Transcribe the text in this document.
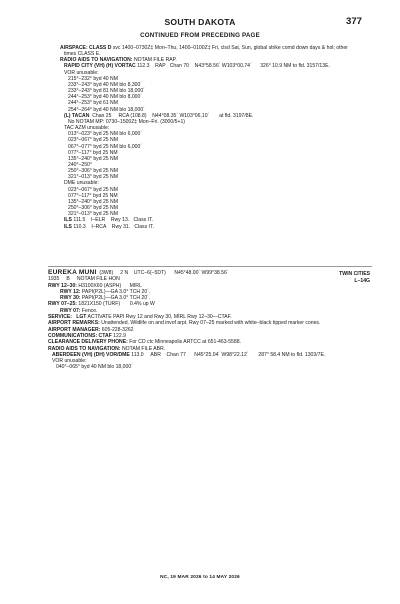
SOUTH DAKOTA	377
CONTINUED FROM PRECEDING PAGE
AIRSPACE: CLASS D svc 1400–0730Z‡ Mon–Thu, 1400–0100Z‡ Fri, clsd Sat, Sun, global strike comd down days & hol; other
times CLASS E.
RADIO AIDS TO NAVIGATION: NOTAM FILE RAP.
RAPID CITY (VH) (H) VORTAC 112.3    RAP   Chan 70    N43°58.56´ W103°00.74´      326° 10.9 NM to fld. 3157/13E.
VOR unusable:
215°–232° byd 40 NM
233°–243° byd 40 NM blo 8,300´
233°–243° byd 81 NM blo 18,000´
244°–253° byd 40 NM blo 8,000´
244°–253° byd 61 NM
254°–264° byd 40 NM blo 18,000´
(L) TACAN  Chan 25     RCA (108.8)    N44°08.35´ W103°06.10´       at fld. 3197/8E.
No NOTAM MP: 0730–1500Z‡ Mon–Fri. (3000/5+1)
TAC AZM unusable:
013°–023° byd 25 NM blo 6,000´
023°–067° byd 25 NM
067°–077° byd 25 NM blo 6,000´
077°–117° byd 25 NM
135°–240° byd 25 NM
240°–250°
250°–306° byd 25 NM
321°–013° byd 25 NM
DME unusable:
023°–067° byd 25 NM
077°–117° byd 25 NM
135°–240° byd 25 NM
250°–306° byd 25 NM
321°–013° byd 25 NM
ILS 111.5    I–ELR    Rwy 13.   Class IT.
ILS 110.3    I–RCA    Rwy 31.   Class IT.
TWIN CITIES
L–14G
EUREKA MUNI  (3W8)     2 N    UTC–6(–5DT)      N45°48.00´ W99°38.56´
1935     B     NOTAM FILE HON
RWY 12–30: H3100X60 (ASPH)      MIRL
RWY 12: PAPI(P2L)—GA 3.0° TCH 20´.
RWY 30: PAPI(P2L)—GA 3.0° TCH 20´.
RWY 07–25: 1821X150 (TURF)       0.4% up W
RWY 07: Fence.
SERVICE:   LGT ACTIVATE PAPI Rwy 12 and Rwy 30, MIRL Rwy 12–30—CTAF.
AIRPORT REMARKS: Unattended. Wildlife on and invof arpt. Rwy 07–25 marked with white–black tipped marker cones.
AIRPORT MANAGER: 605-228-3262
COMMUNICATIONS: CTAF 122.9
CLEARANCE DELIVERY PHONE: For CD ctc Minneapolis ARTCC at 651-463-5588.
RADIO AIDS TO NAVIGATION: NOTAM FILE ABR.
ABERDEEN (VH) (DH) VOR/DME 113.0     ABR    Chan 77      N45°25.04´ W98°22.12´       287° 58.4 NM to fld. 1303/7E.
VOR unusable:
040°–065° byd 40 NM blo 18,000´
NC, 19 MAR 2026 to 14 MAY 2026
